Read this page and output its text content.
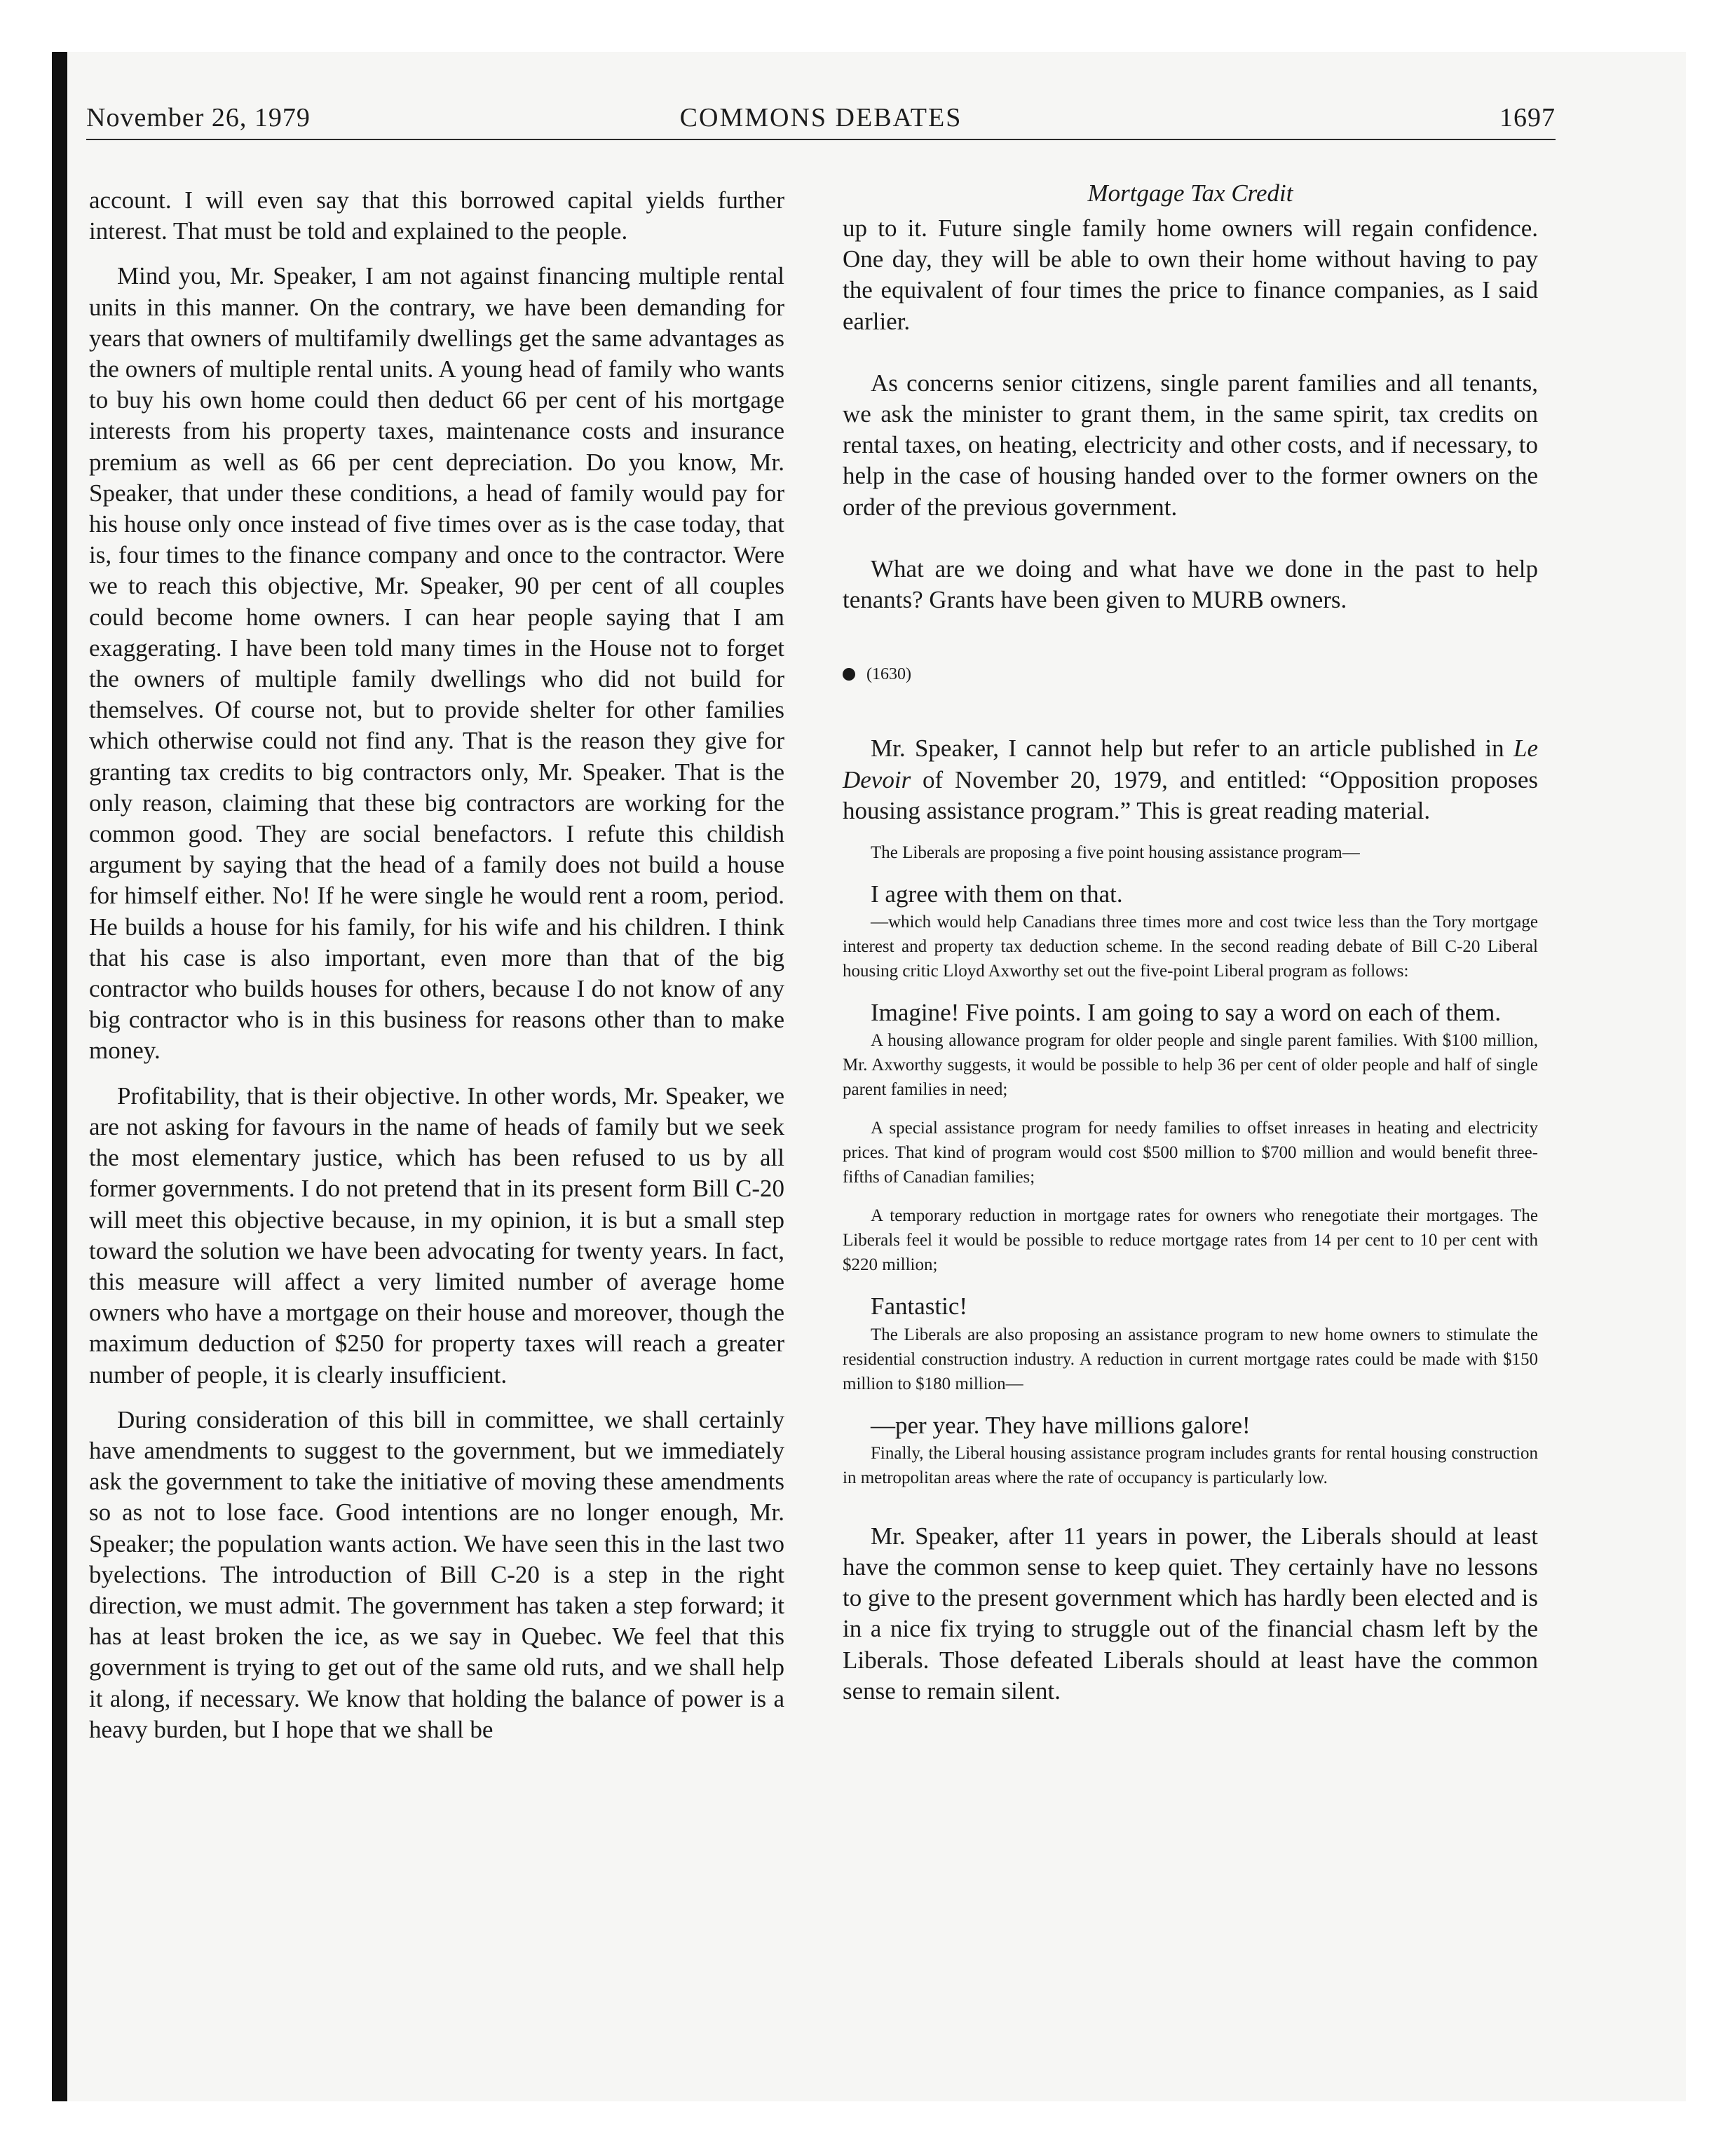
November 26, 1979	COMMONS DEBATES	1697
Mortgage Tax Credit

account. I will even say that this borrowed capital yields further interest. That must be told and explained to the people.

Mind you, Mr. Speaker, I am not against financing multiple rental units in this manner. On the contrary, we have been demanding for years that owners of multifamily dwellings get the same advantages as the owners of multiple rental units. A young head of family who wants to buy his own home could then deduct 66 per cent of his mortgage interests from his property taxes, maintenance costs and insurance premium as well as 66 per cent depreciation. Do you know, Mr. Speaker, that under these conditions, a head of family would pay for his house only once instead of five times over as is the case today, that is, four times to the finance company and once to the contractor. Were we to reach this objective, Mr. Speaker, 90 per cent of all couples could become home owners. I can hear people saying that I am exaggerating. I have been told many times in the House not to forget the owners of multiple family dwellings who did not build for themselves. Of course not, but to provide shelter for other families which otherwise could not find any. That is the reason they give for granting tax credits to big contractors only, Mr. Speaker. That is the only reason, claiming that these big contractors are working for the common good. They are social benefactors. I refute this childish argument by saying that the head of a family does not build a house for himself either. No! If he were single he would rent a room, period. He builds a house for his family, for his wife and his children. I think that his case is also important, even more than that of the big contractor who builds houses for others, because I do not know of any big contractor who is in this business for reasons other than to make money.

Profitability, that is their objective. In other words, Mr. Speaker, we are not asking for favours in the name of heads of family but we seek the most elementary justice, which has been refused to us by all former governments. I do not pretend that in its present form Bill C-20 will meet this objective because, in my opinion, it is but a small step toward the solution we have been advocating for twenty years. In fact, this measure will affect a very limited number of average home owners who have a mortgage on their house and moreover, though the maximum deduction of $250 for property taxes will reach a greater number of people, it is clearly insufficient.

During consideration of this bill in committee, we shall certainly have amendments to suggest to the government, but we immediately ask the government to take the initiative of moving these amendments so as not to lose face. Good intentions are no longer enough, Mr. Speaker; the population wants action. We have seen this in the last two byelections. The introduction of Bill C-20 is a step in the right direction, we must admit. The government has taken a step forward; it has at least broken the ice, as we say in Quebec. We feel that this government is trying to get out of the same old ruts, and we shall help it along, if necessary. We know that holding the balance of power is a heavy burden, but I hope that we shall be

up to it. Future single family home owners will regain confidence. One day, they will be able to own their home without having to pay the equivalent of four times the price to finance companies, as I said earlier.

As concerns senior citizens, single parent families and all tenants, we ask the minister to grant them, in the same spirit, tax credits on rental taxes, on heating, electricity and other costs, and if necessary, to help in the case of housing handed over to the former owners on the order of the previous government.

What are we doing and what have we done in the past to help tenants? Grants have been given to MURB owners.

(1630)

Mr. Speaker, I cannot help but refer to an article published in Le Devoir of November 20, 1979, and entitled: “Opposition proposes housing assistance program.” This is great reading material.

The Liberals are proposing a five point housing assistance program—

I agree with them on that.

—which would help Canadians three times more and cost twice less than the Tory mortgage interest and property tax deduction scheme. In the second reading debate of Bill C-20 Liberal housing critic Lloyd Axworthy set out the five-point Liberal program as follows:

Imagine! Five points. I am going to say a word on each of them.

A housing allowance program for older people and single parent families. With $100 million, Mr. Axworthy suggests, it would be possible to help 36 per cent of older people and half of single parent families in need;

A special assistance program for needy families to offset inreases in heating and electricity prices. That kind of program would cost $500 million to $700 million and would benefit three-fifths of Canadian families;

A temporary reduction in mortgage rates for owners who renegotiate their mortgages. The Liberals feel it would be possible to reduce mortgage rates from 14 per cent to 10 per cent with $220 million;

Fantastic!

The Liberals are also proposing an assistance program to new home owners to stimulate the residential construction industry. A reduction in current mortgage rates could be made with $150 million to $180 million—

—per year. They have millions galore!

Finally, the Liberal housing assistance program includes grants for rental housing construction in metropolitan areas where the rate of occupancy is particularly low.

Mr. Speaker, after 11 years in power, the Liberals should at least have the common sense to keep quiet. They certainly have no lessons to give to the present government which has hardly been elected and is in a nice fix trying to struggle out of the financial chasm left by the Liberals. Those defeated Liberals should at least have the common sense to remain silent.
